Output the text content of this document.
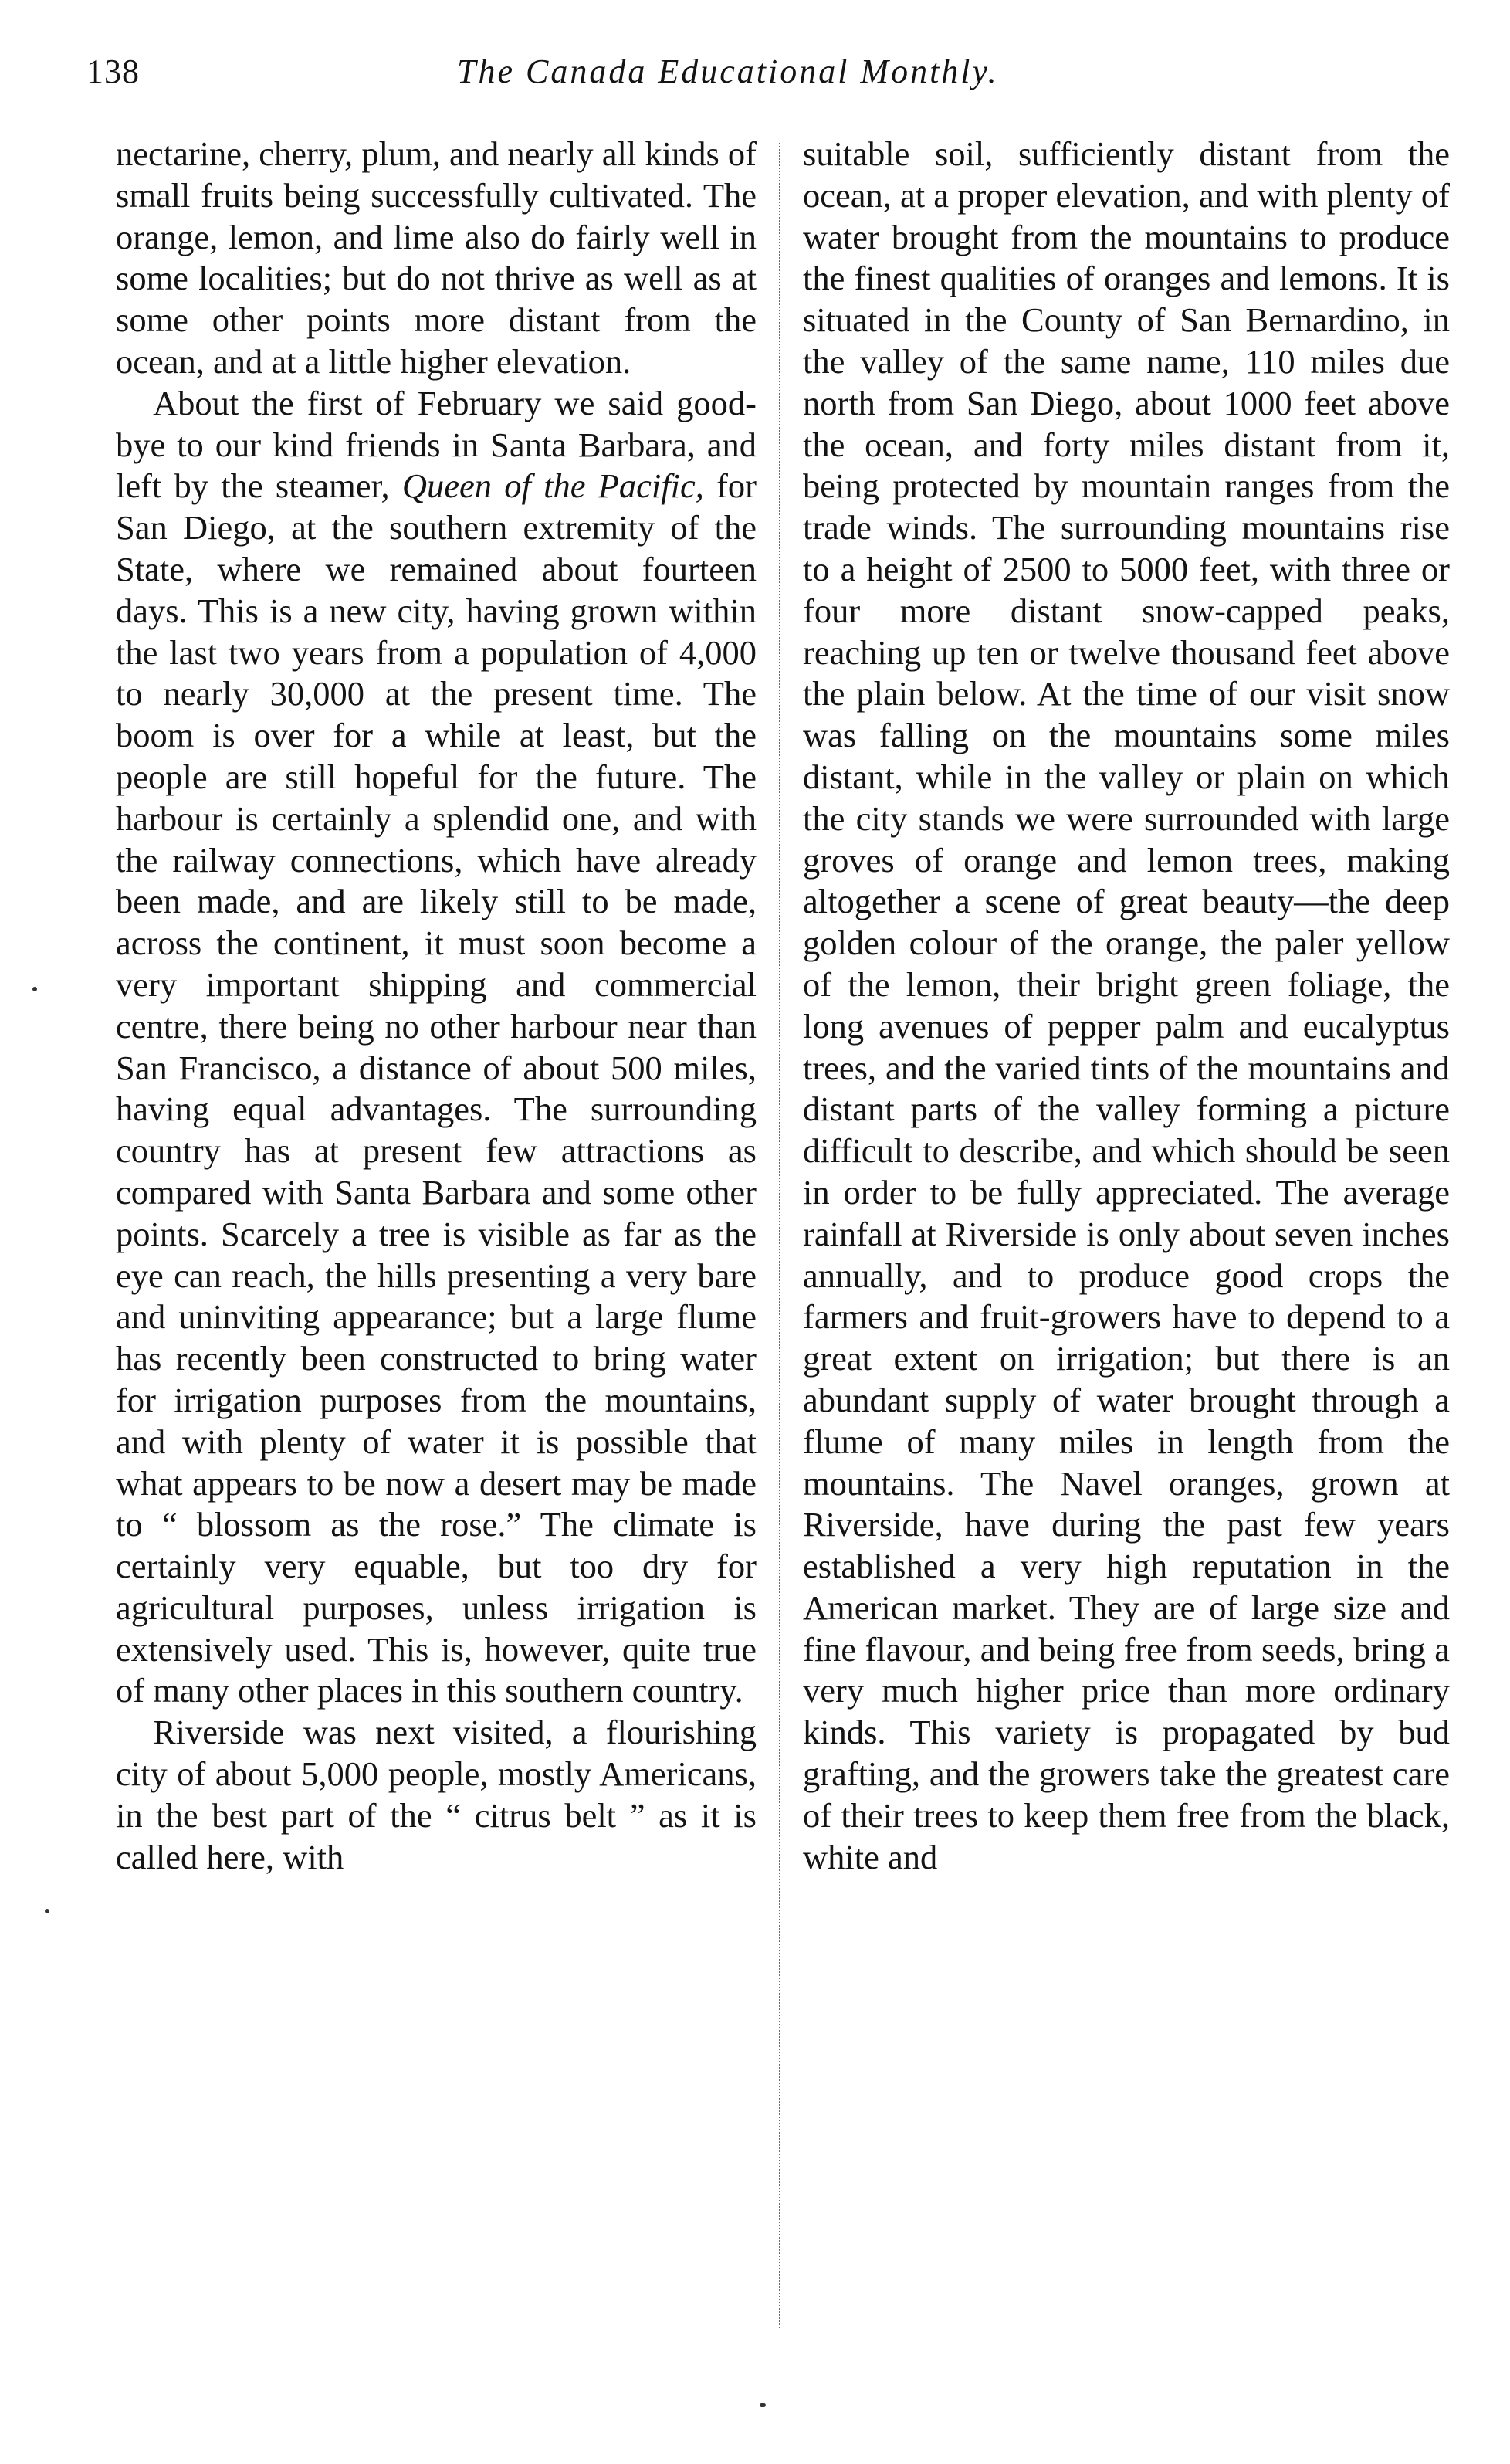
138	The Canada Educational Monthly.

nectarine, cherry, plum, and nearly all kinds of small fruits being successfully cultivated. The orange, lemon, and lime also do fairly well in some localities; but do not thrive as well as at some other points more distant from the ocean, and at a little higher elevation.

About the first of February we said good-bye to our kind friends in Santa Barbara, and left by the steamer, Queen of the Pacific, for San Diego, at the southern extremity of the State, where we remained about fourteen days. This is a new city, having grown within the last two years from a population of 4,000 to nearly 30,000 at the present time. The boom is over for a while at least, but the people are still hopeful for the future. The harbour is certainly a splendid one, and with the railway connections, which have already been made, and are likely still to be made, across the continent, it must soon become a very important shipping and commercial centre, there being no other harbour near than San Francisco, a distance of about 500 miles, having equal advantages. The surrounding country has at present few attractions as compared with Santa Barbara and some other points. Scarcely a tree is visible as far as the eye can reach, the hills presenting a very bare and uninviting appearance; but a large flume has recently been constructed to bring water for irrigation purposes from the mountains, and with plenty of water it is possible that what appears to be now a desert may be made to “ blossom as the rose.” The climate is certainly very equable, but too dry for agricultural purposes, unless irrigation is extensively used. This is, however, quite true of many other places in this southern country.

Riverside was next visited, a flourishing city of about 5,000 people, mostly Americans, in the best part of the “ citrus belt ” as it is called here, with

suitable soil, sufficiently distant from the ocean, at a proper elevation, and with plenty of water brought from the mountains to produce the finest qualities of oranges and lemons. It is situated in the County of San Bernardino, in the valley of the same name, 110 miles due north from San Diego, about 1000 feet above the ocean, and forty miles distant from it, being protected by mountain ranges from the trade winds. The surrounding mountains rise to a height of 2500 to 5000 feet, with three or four more distant snow-capped peaks, reaching up ten or twelve thousand feet above the plain below. At the time of our visit snow was falling on the mountains some miles distant, while in the valley or plain on which the city stands we were surrounded with large groves of orange and lemon trees, making altogether a scene of great beauty—the deep golden colour of the orange, the paler yellow of the lemon, their bright green foliage, the long avenues of pepper palm and eucalyptus trees, and the varied tints of the mountains and distant parts of the valley forming a picture difficult to describe, and which should be seen in order to be fully appreciated. The average rainfall at Riverside is only about seven inches annually, and to produce good crops the farmers and fruit-growers have to depend to a great extent on irrigation; but there is an abundant supply of water brought through a flume of many miles in length from the mountains. The Navel oranges, grown at Riverside, have during the past few years established a very high reputation in the American market. They are of large size and fine flavour, and being free from seeds, bring a very much higher price than more ordinary kinds. This variety is propagated by bud grafting, and the growers take the greatest care of their trees to keep them free from the black, white and
